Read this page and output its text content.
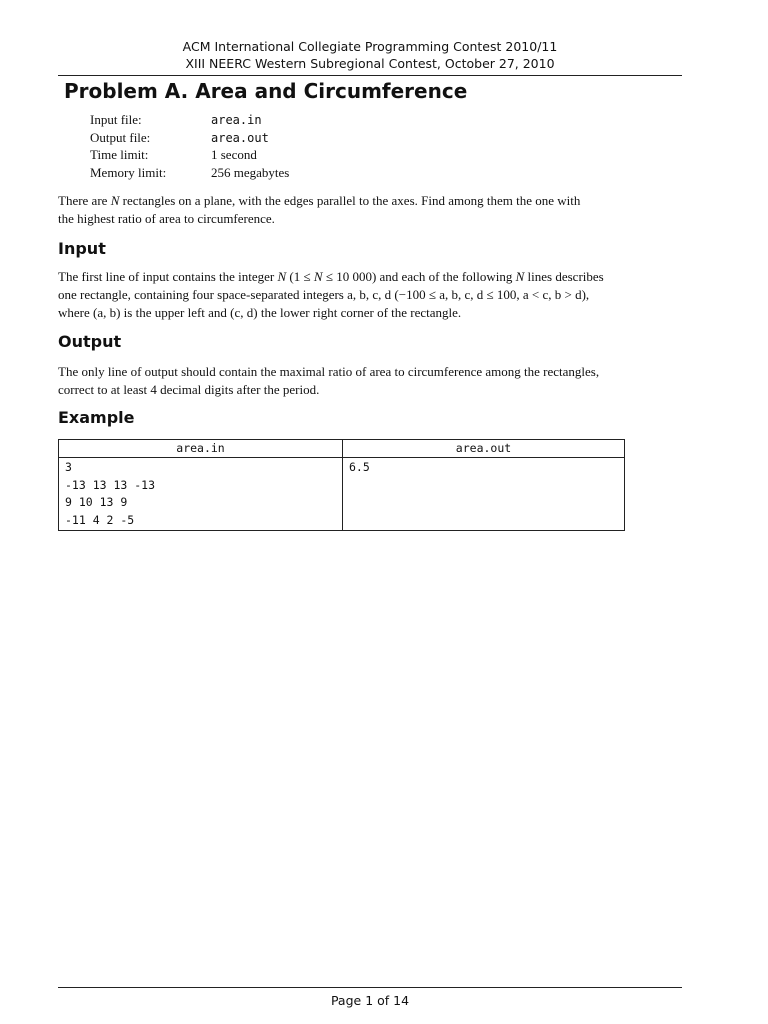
ACM International Collegiate Programming Contest 2010/11
XIII NEERC Western Subregional Contest, October 27, 2010
Problem A. Area and Circumference
Input file:	area.in
Output file:	area.out
Time limit:	1 second
Memory limit:	256 megabytes
There are N rectangles on a plane, with the edges parallel to the axes. Find among them the one with
the highest ratio of area to circumference.
Input
The first line of input contains the integer N (1 ≤ N ≤ 10 000) and each of the following N lines describes
one rectangle, containing four space-separated integers a, b, c, d (−100 ≤ a, b, c, d ≤ 100, a < c, b > d),
where (a, b) is the upper left and (c, d) the lower right corner of the rectangle.
Output
The only line of output should contain the maximal ratio of area to circumference among the rectangles,
correct to at least 4 decimal digits after the period.
Example
area.in	area.out

3
-13 13 13 -13
9 10 13 9
-11 4 2 -5	6.5
Page 1 of 14
